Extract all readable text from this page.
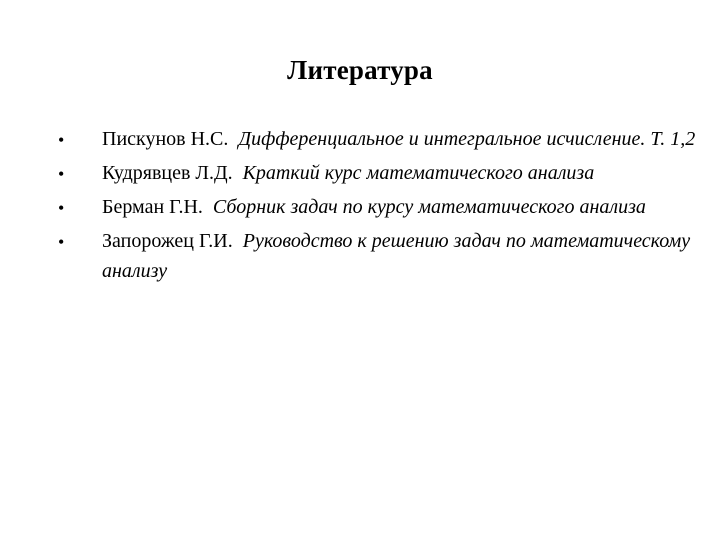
Литература
• Пискунов Н.С.  Дифференциальное и интегральное исчисление. Т. 1,2
• Кудрявцев Л.Д.  Краткий курс математического анализа
• Берман Г.Н.  Сборник задач по курсу математического анализа
• Запорожец Г.И.  Руководство к решению задач по математическому анализу
